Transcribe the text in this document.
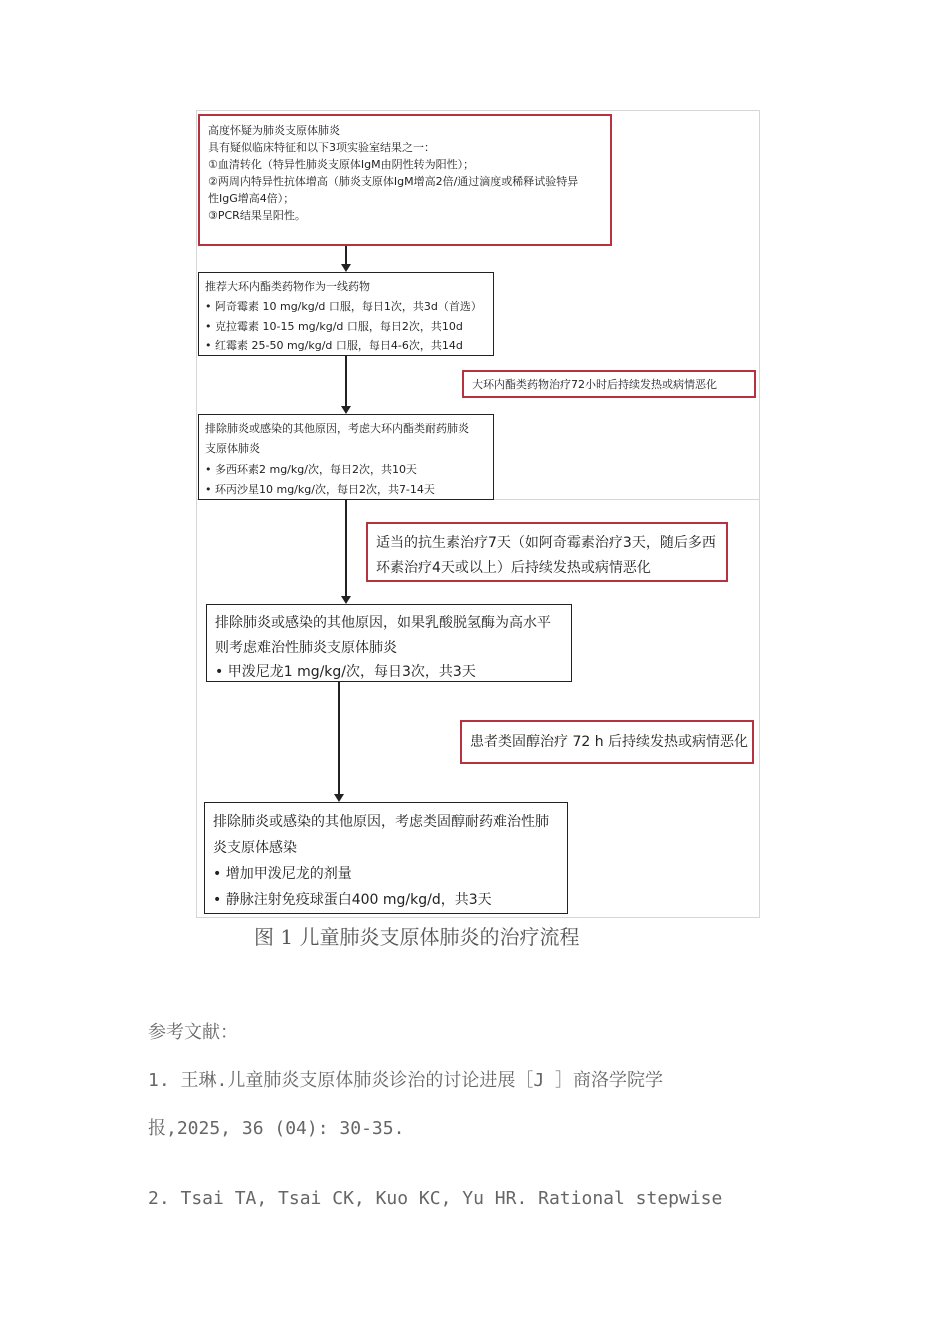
高度怀疑为肺炎支原体肺炎
具有疑似临床特征和以下3项实验室结果之一：
①血清转化（特异性肺炎支原体IgM由阴性转为阳性）；
②两周内特异性抗体增高（肺炎支原体IgM增高2倍/通过滴度或稀释试验特异
性IgG增高4倍）；
③PCR结果呈阳性。
推荐大环内酯类药物作为一线药物
• 阿奇霉素 10 mg/kg/d 口服，每日1次，共3d（首选）
• 克拉霉素 10-15 mg/kg/d 口服，每日2次，共10d
• 红霉素 25-50 mg/kg/d 口服，每日4-6次，共14d
大环内酯类药物治疗72小时后持续发热或病情恶化
排除肺炎或感染的其他原因，考虑大环内酯类耐药肺炎
支原体肺炎
• 多西环素2 mg/kg/次，每日2次，共10天
• 环丙沙星10 mg/kg/次，每日2次，共7-14天
适当的抗生素治疗7天（如阿奇霉素治疗3天，随后多西
环素治疗4天或以上）后持续发热或病情恶化
排除肺炎或感染的其他原因，如果乳酸脱氢酶为高水平
则考虑难治性肺炎支原体肺炎
• 甲泼尼龙1 mg/kg/次，每日3次，共3天
患者类固醇治疗 72 h 后持续发热或病情恶化
排除肺炎或感染的其他原因，考虑类固醇耐药难治性肺
炎支原体感染
• 增加甲泼尼龙的剂量
• 静脉注射免疫球蛋白400 mg/kg/d，共3天
图 1 儿童肺炎支原体肺炎的治疗流程
参考文献：
1. 王琳.儿童肺炎支原体肺炎诊治的讨论进展［J ］商洛学院学
报,2025, 36 (04): 30-35.
2. Tsai TA, Tsai CK, Kuo KC, Yu HR. Rational stepwise
